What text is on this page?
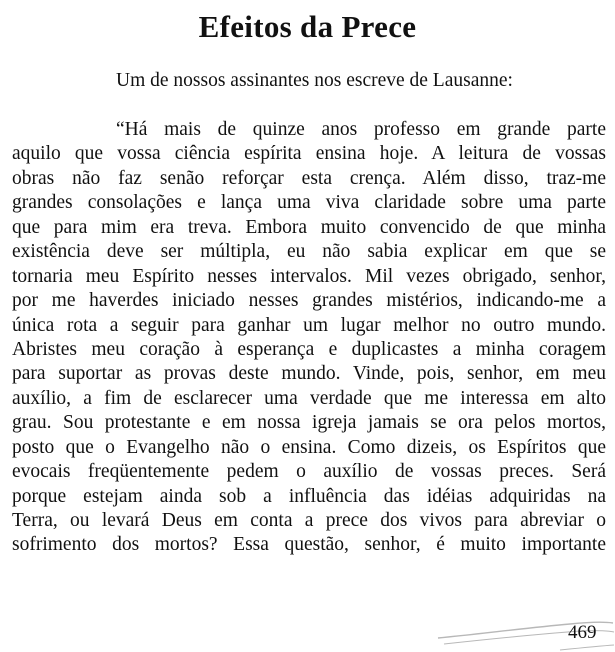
Efeitos da Prece
Um de nossos assinantes nos escreve de Lausanne:
“Há mais de quinze anos professo em grande parte
aquilo que vossa ciência espírita ensina hoje. A leitura de vossas
obras não faz senão reforçar esta crença. Além disso, traz-me
grandes consolações e lança uma viva claridade sobre uma parte
que para mim era treva. Embora muito convencido de que minha
existência deve ser múltipla, eu não sabia explicar em que se
tornaria meu Espírito nesses intervalos. Mil vezes obrigado, senhor,
por me haverdes iniciado nesses grandes mistérios, indicando-me a
única rota a seguir para ganhar um lugar melhor no outro mundo.
Abristes meu coração à esperança e duplicastes a minha coragem
para suportar as provas deste mundo. Vinde, pois, senhor, em meu
auxílio, a fim de esclarecer uma verdade que me interessa em alto
grau. Sou protestante e em nossa igreja jamais se ora pelos mortos,
posto que o Evangelho não o ensina. Como dizeis, os Espíritos que
evocais freqüentemente pedem o auxílio de vossas preces. Será
porque estejam ainda sob a influência das idéias adquiridas na
Terra, ou levará Deus em conta a prece dos vivos para abreviar o
sofrimento dos mortos? Essa questão, senhor, é muito importante
469
